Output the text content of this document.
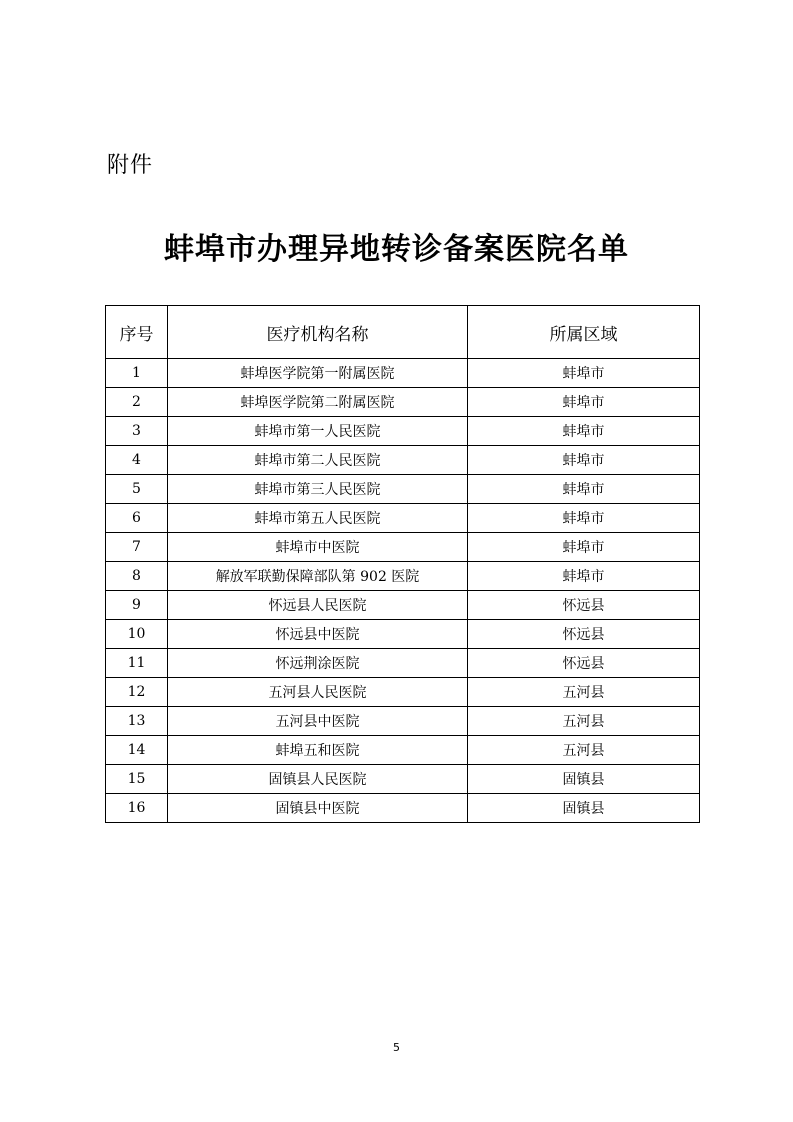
附件
蚌埠市办理异地转诊备案医院名单
序号	医疗机构名称	所属区域
1	蚌埠医学院第一附属医院	蚌埠市
2	蚌埠医学院第二附属医院	蚌埠市
3	蚌埠市第一人民医院	蚌埠市
4	蚌埠市第二人民医院	蚌埠市
5	蚌埠市第三人民医院	蚌埠市
6	蚌埠市第五人民医院	蚌埠市
7	蚌埠市中医院	蚌埠市
8	解放军联勤保障部队第 902 医院	蚌埠市
9	怀远县人民医院	怀远县
10	怀远县中医院	怀远县
11	怀远荆涂医院	怀远县
12	五河县人民医院	五河县
13	五河县中医院	五河县
14	蚌埠五和医院	五河县
15	固镇县人民医院	固镇县
16	固镇县中医院	固镇县
5
